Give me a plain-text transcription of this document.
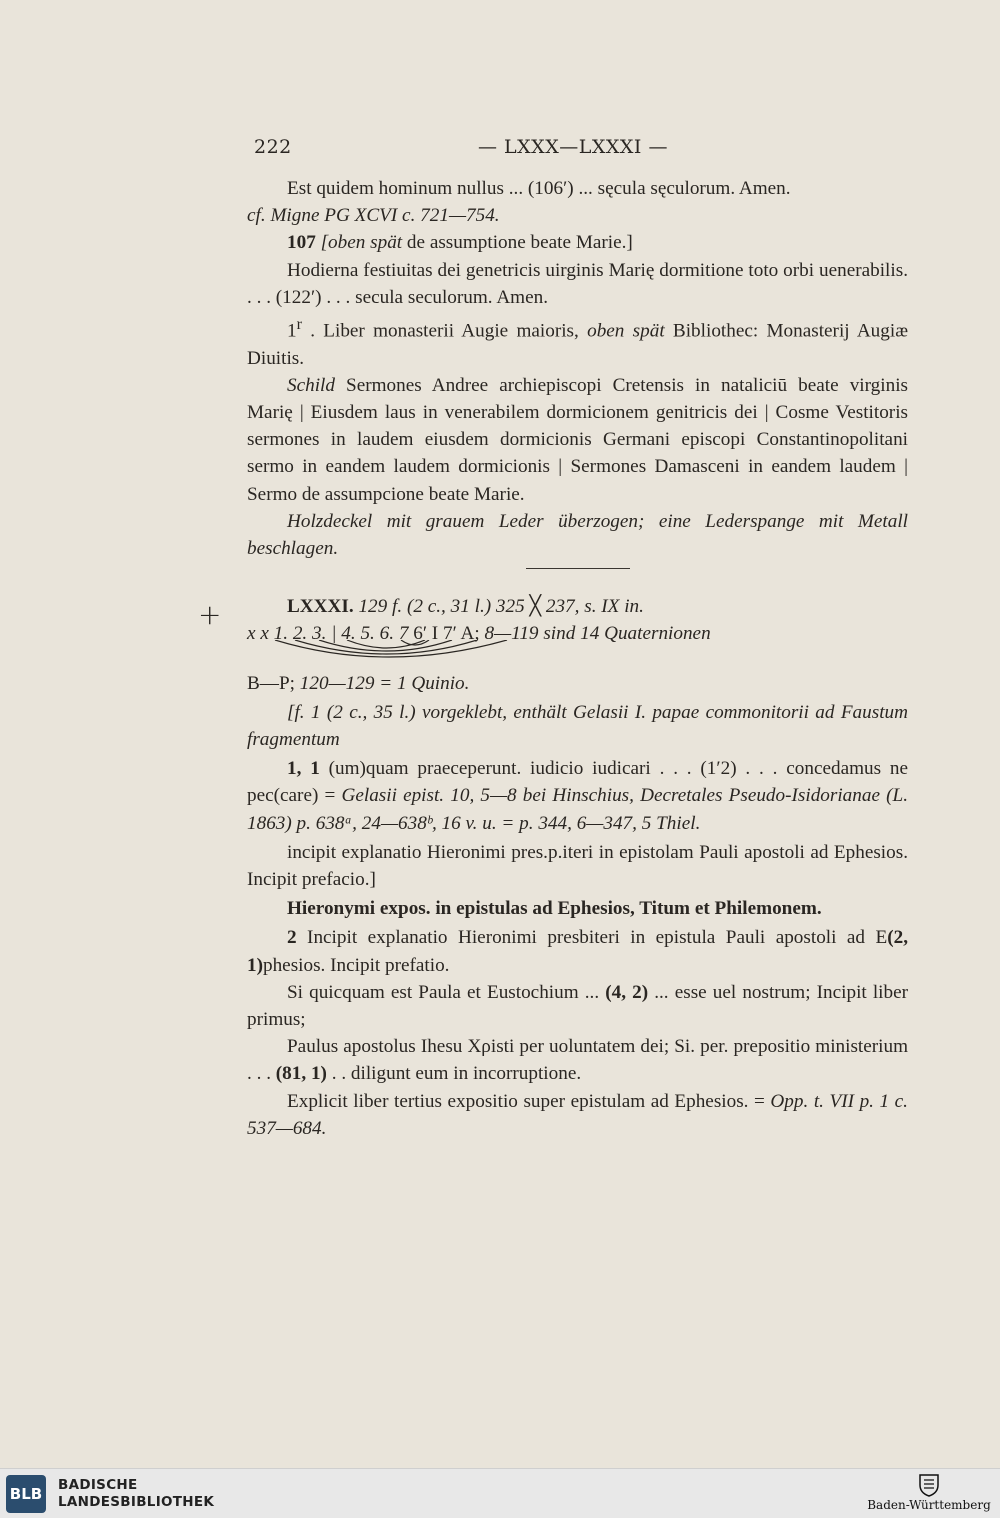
222	— LXXX—LXXXI —
+

Est quidem hominum nullus ... (106′) ... sęcula sęculorum. Amen.

cf. Migne PG XCVI c. 721—754.

107 [oben spät de assumptione beate Marie.]

Hodierna festiuitas dei genetricis uirginis Marię dormitione toto orbi uenerabilis. . . . (122′) . . . secula seculorum. Amen.

1$^r$ . Liber monasterii Augie maioris, oben spät Bibliothec: Monasterij Augiæ Diuitis.

Schild Sermones Andree archiepiscopi Cretensis in nataliciū beate virginis Marię | Eiusdem laus in venerabilem dormicionem genitricis dei | Cosme Vestitoris sermones in laudem eiusdem dormicionis Germani episcopi Constantinopolitani sermo in eandem laudem dormicionis | Sermones Damasceni in eandem laudem | Sermo de assumpcione beate Marie.

Holzdeckel mit grauem Leder überzogen; eine Lederspange mit Metall beschlagen.

LXXXI. 129 f. (2 c., 31 l.) 325 ╳ 237, s. IX in.

x x 1. 2. 3. | 4. 5. 6. 7 6′ I 7′ A; 8—119 sind 14 Quaternionen

B—P; 120—129 = 1 Quinio.

[f. 1 (2 c., 35 l.) vorgeklebt, enthält Gelasii I. papae commonitorii ad Faustum fragmentum

1, 1 (um)quam praeceperunt. iudicio iudicari . . . (1′2) . . . concedamus ne pec(care) = Gelasii epist. 10, 5—8 bei Hinschius, Decretales Pseudo-Isidorianae (L. 1863) p. 638ᵃ, 24—638ᵇ, 16 v. u. = p. 344, 6—347, 5 Thiel.

incipit explanatio Hieronimi pres.p.iteri in epistolam Pauli apostoli ad Ephesios. Incipit prefacio.]

Hieronymi expos. in epistulas ad Ephesios, Titum et Philemonem.

2 Incipit explanatio Hieronimi presbiteri in epistula Pauli apostoli ad E(2, 1)phesios. Incipit prefatio.

Si quicquam est Paula et Eustochium ... (4, 2) ... esse uel nostrum; Incipit liber primus;

Paulus apostolus Ihesu Xρisti per uoluntatem dei; Si. per. prepositio ministerium . . . (81, 1) . . diligunt eum in incorruptione.

Explicit liber tertius expositio super epistulam ad Ephesios. = Opp. t. VII p. 1 c. 537—684.

BLB BADISCHE
LANDESBIBLIOTHEK	Baden-Württemberg
